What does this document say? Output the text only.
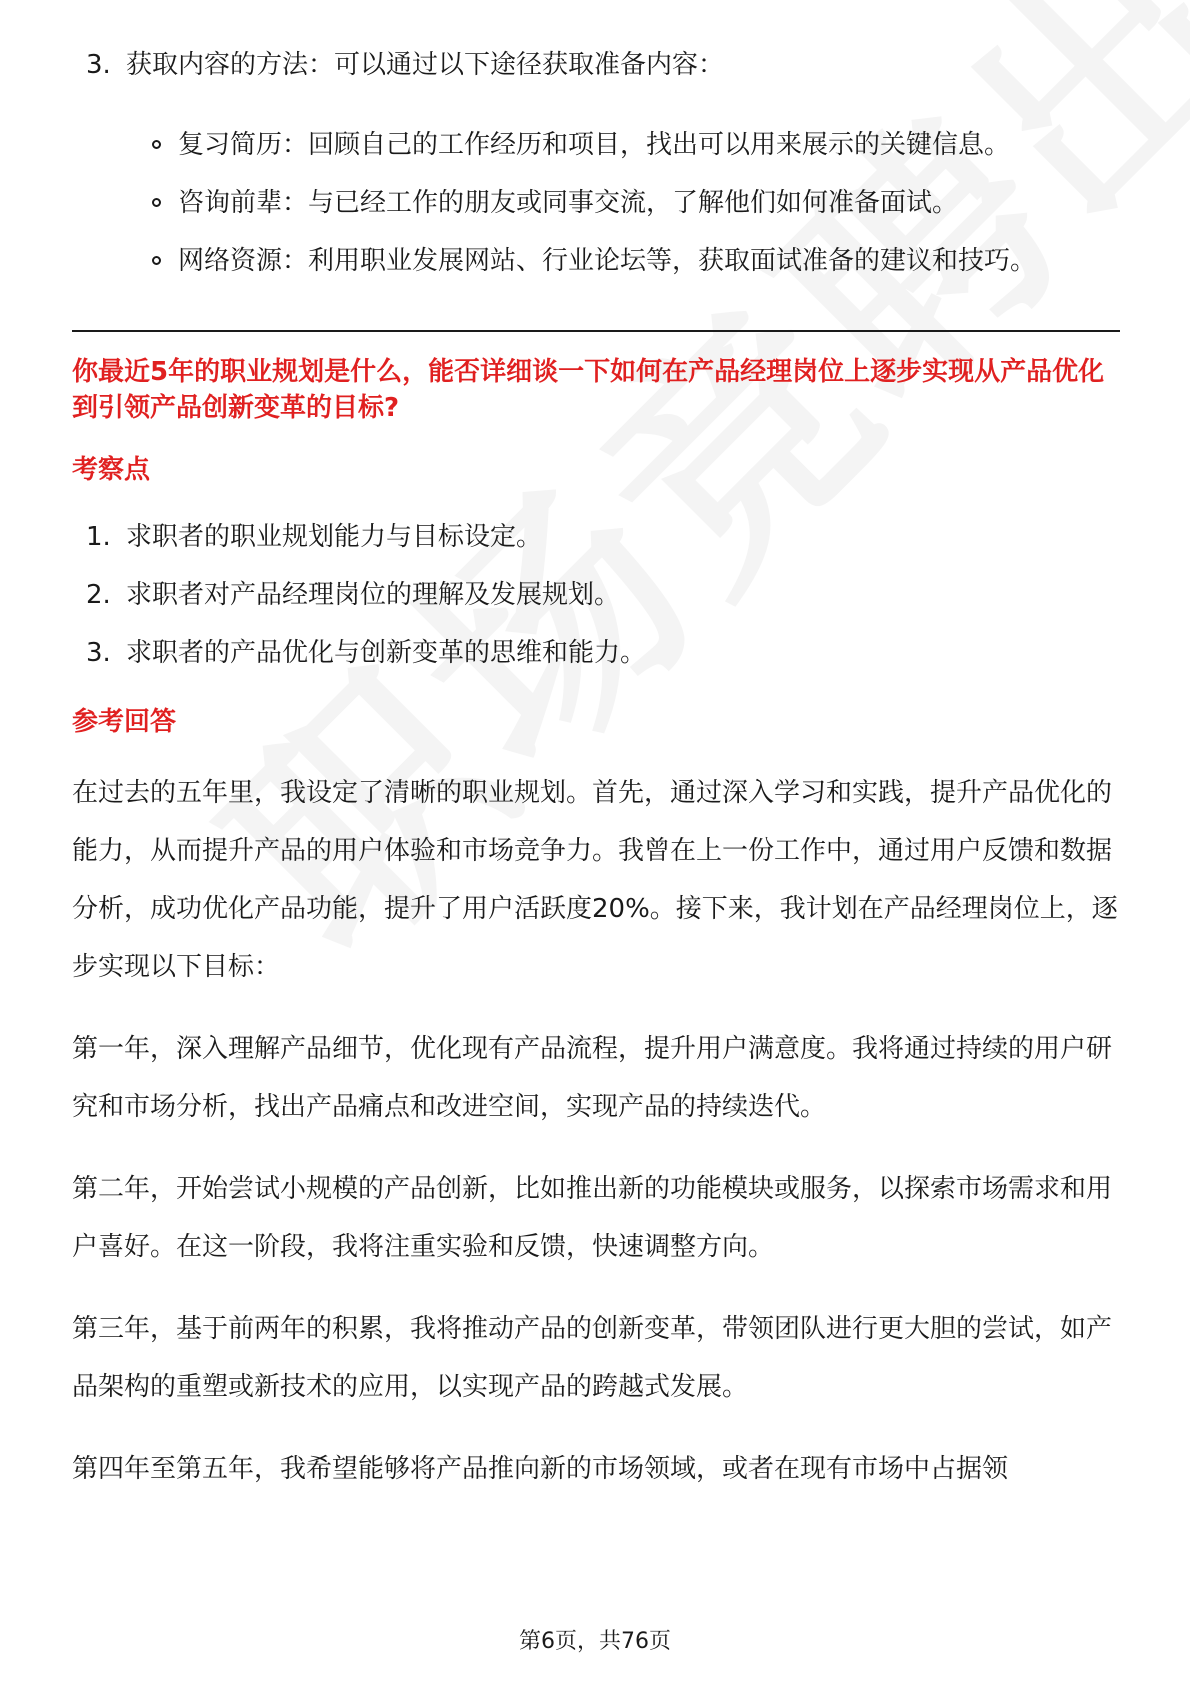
3. 获取内容的方法：可以通过以下途径获取准备内容：
复习简历：回顾自己的工作经历和项目，找出可以用来展示的关键信息。
咨询前辈：与已经工作的朋友或同事交流，了解他们如何准备面试。
网络资源：利用职业发展网站、行业论坛等，获取面试准备的建议和技巧。
你最近5年的职业规划是什么，能否详细谈一下如何在产品经理岗位上逐步实现从产品优化到引领产品创新变革的目标?
考察点
1. 求职者的职业规划能力与目标设定。
2. 求职者对产品经理岗位的理解及发展规划。
3. 求职者的产品优化与创新变革的思维和能力。
参考回答

在过去的五年里，我设定了清晰的职业规划。首先，通过深入学习和实践，提升产品优化的能力，从而提升产品的用户体验和市场竞争力。我曾在上一份工作中，通过用户反馈和数据分析，成功优化产品功能，提升了用户活跃度20%。接下来，我计划在产品经理岗位上，逐步实现以下目标：

第一年，深入理解产品细节，优化现有产品流程，提升用户满意度。我将通过持续的用户研究和市场分析，找出产品痛点和改进空间，实现产品的持续迭代。

第二年，开始尝试小规模的产品创新，比如推出新的功能模块或服务，以探索市场需求和用户喜好。在这一阶段，我将注重实验和反馈，快速调整方向。

第三年，基于前两年的积累，我将推动产品的创新变革，带领团队进行更大胆的尝试，如产品架构的重塑或新技术的应用，以实现产品的跨越式发展。

第四年至第五年，我希望能够将产品推向新的市场领域，或者在现有市场中占据领

第6页，共76页
